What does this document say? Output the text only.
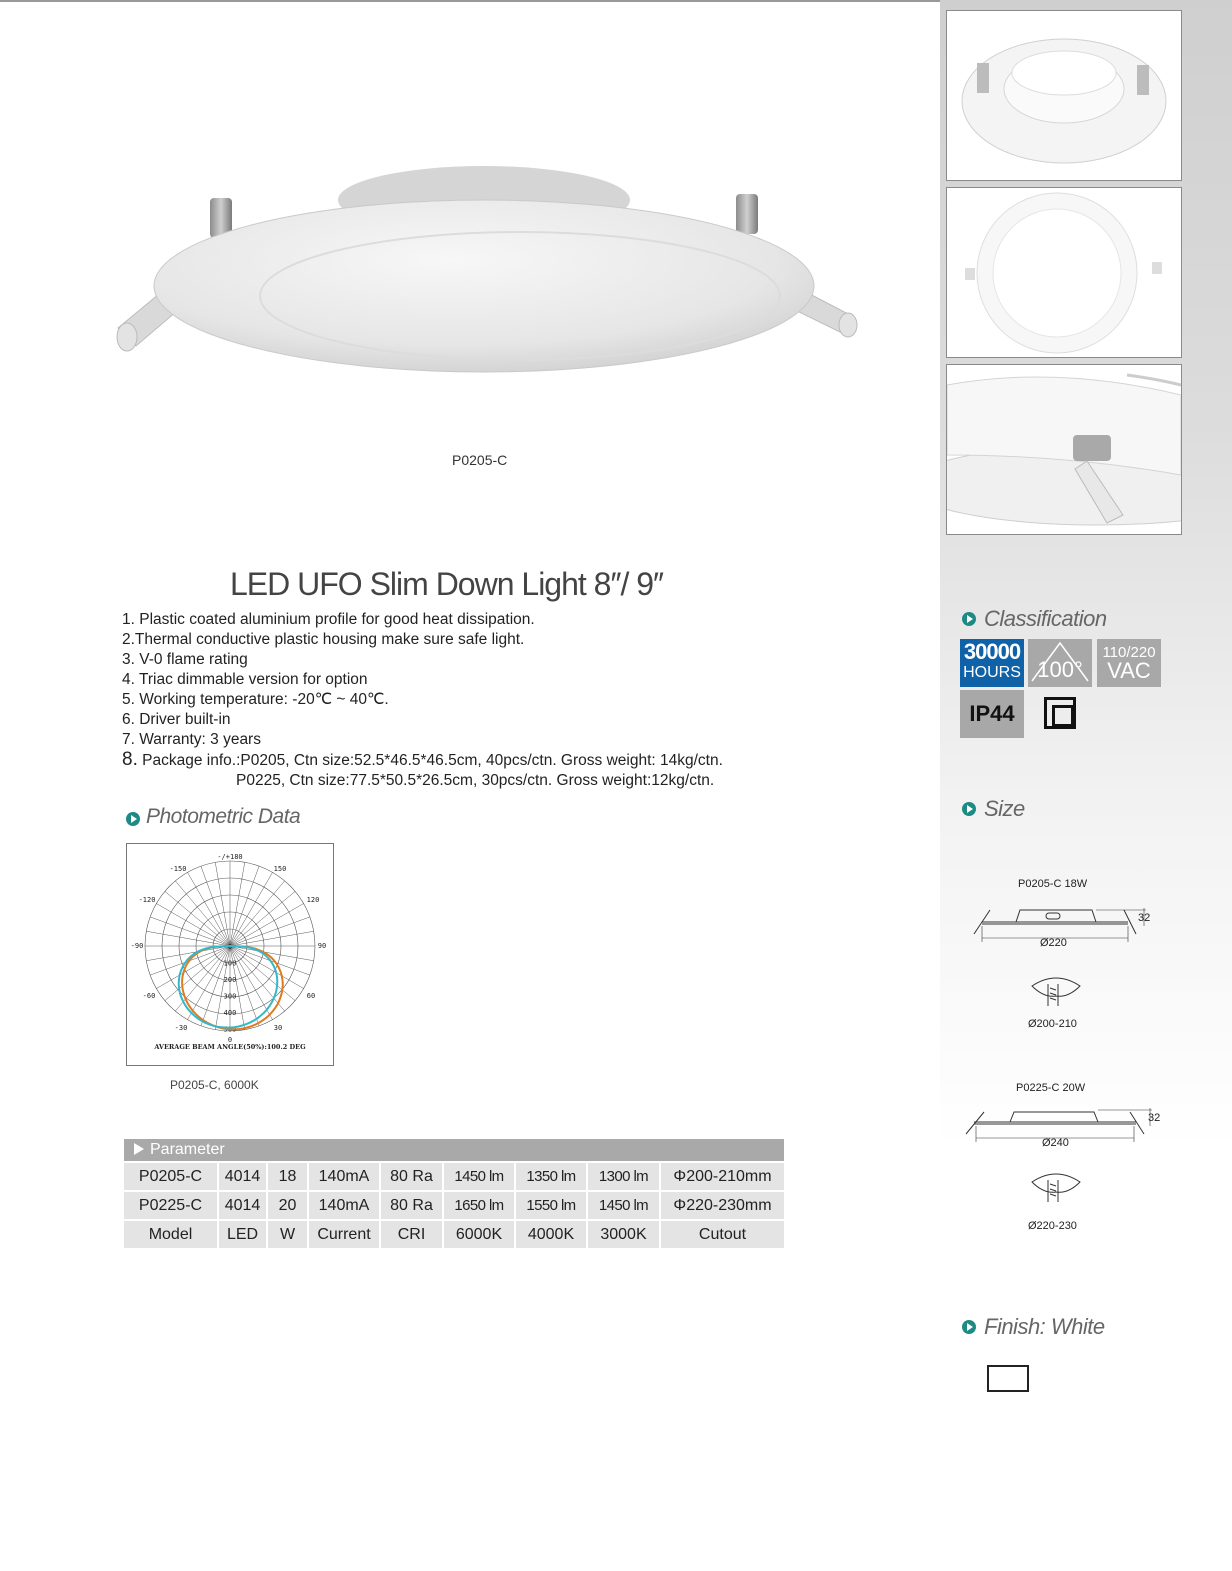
P0205-C
LED UFO Slim Down Light 8′′/ 9′′
1. Plastic coated aluminium profile for good heat dissipation.
2.Thermal conductive plastic housing make sure safe light.
3. V-0 flame rating
4. Triac dimmable version for option
5. Working temperature: -20℃ ~ 40℃.
6. Driver built-in
7. Warranty: 3 years
8. Package info.:P0205, Ctn size:52.5*46.5*46.5cm, 40pcs/ctn. Gross weight: 14kg/ctn.
P0225, Ctn size:77.5*50.5*26.5cm, 30pcs/ctn. Gross weight:12kg/ctn.
Photometric Data
-/+180
-150	150
-120	120
-90	90
-60	60
-30	30
0
0
100
200
300
400
500
AVERAGE BEAM ANGLE(50%):100.2 DEG
P0205-C, 6000K
Parameter
P0205-C	4014	18	140mA	80 Ra	1450 lm	1350 lm	1300 lm	Φ200-210mm
P0225-C	4014	20	140mA	80 Ra	1650 lm	1550 lm	1450 lm	Φ220-230mm
Model	LED	W	Current	CRI	6000K	4000K	3000K	Cutout
Classification
30000
HOURS 100°
110/220
VAC
IP44
Size
P0205-C 18W
32
Ø220
Ø200-210
P0225-C 20W
32
Ø240
Ø220-230
Finish: White
